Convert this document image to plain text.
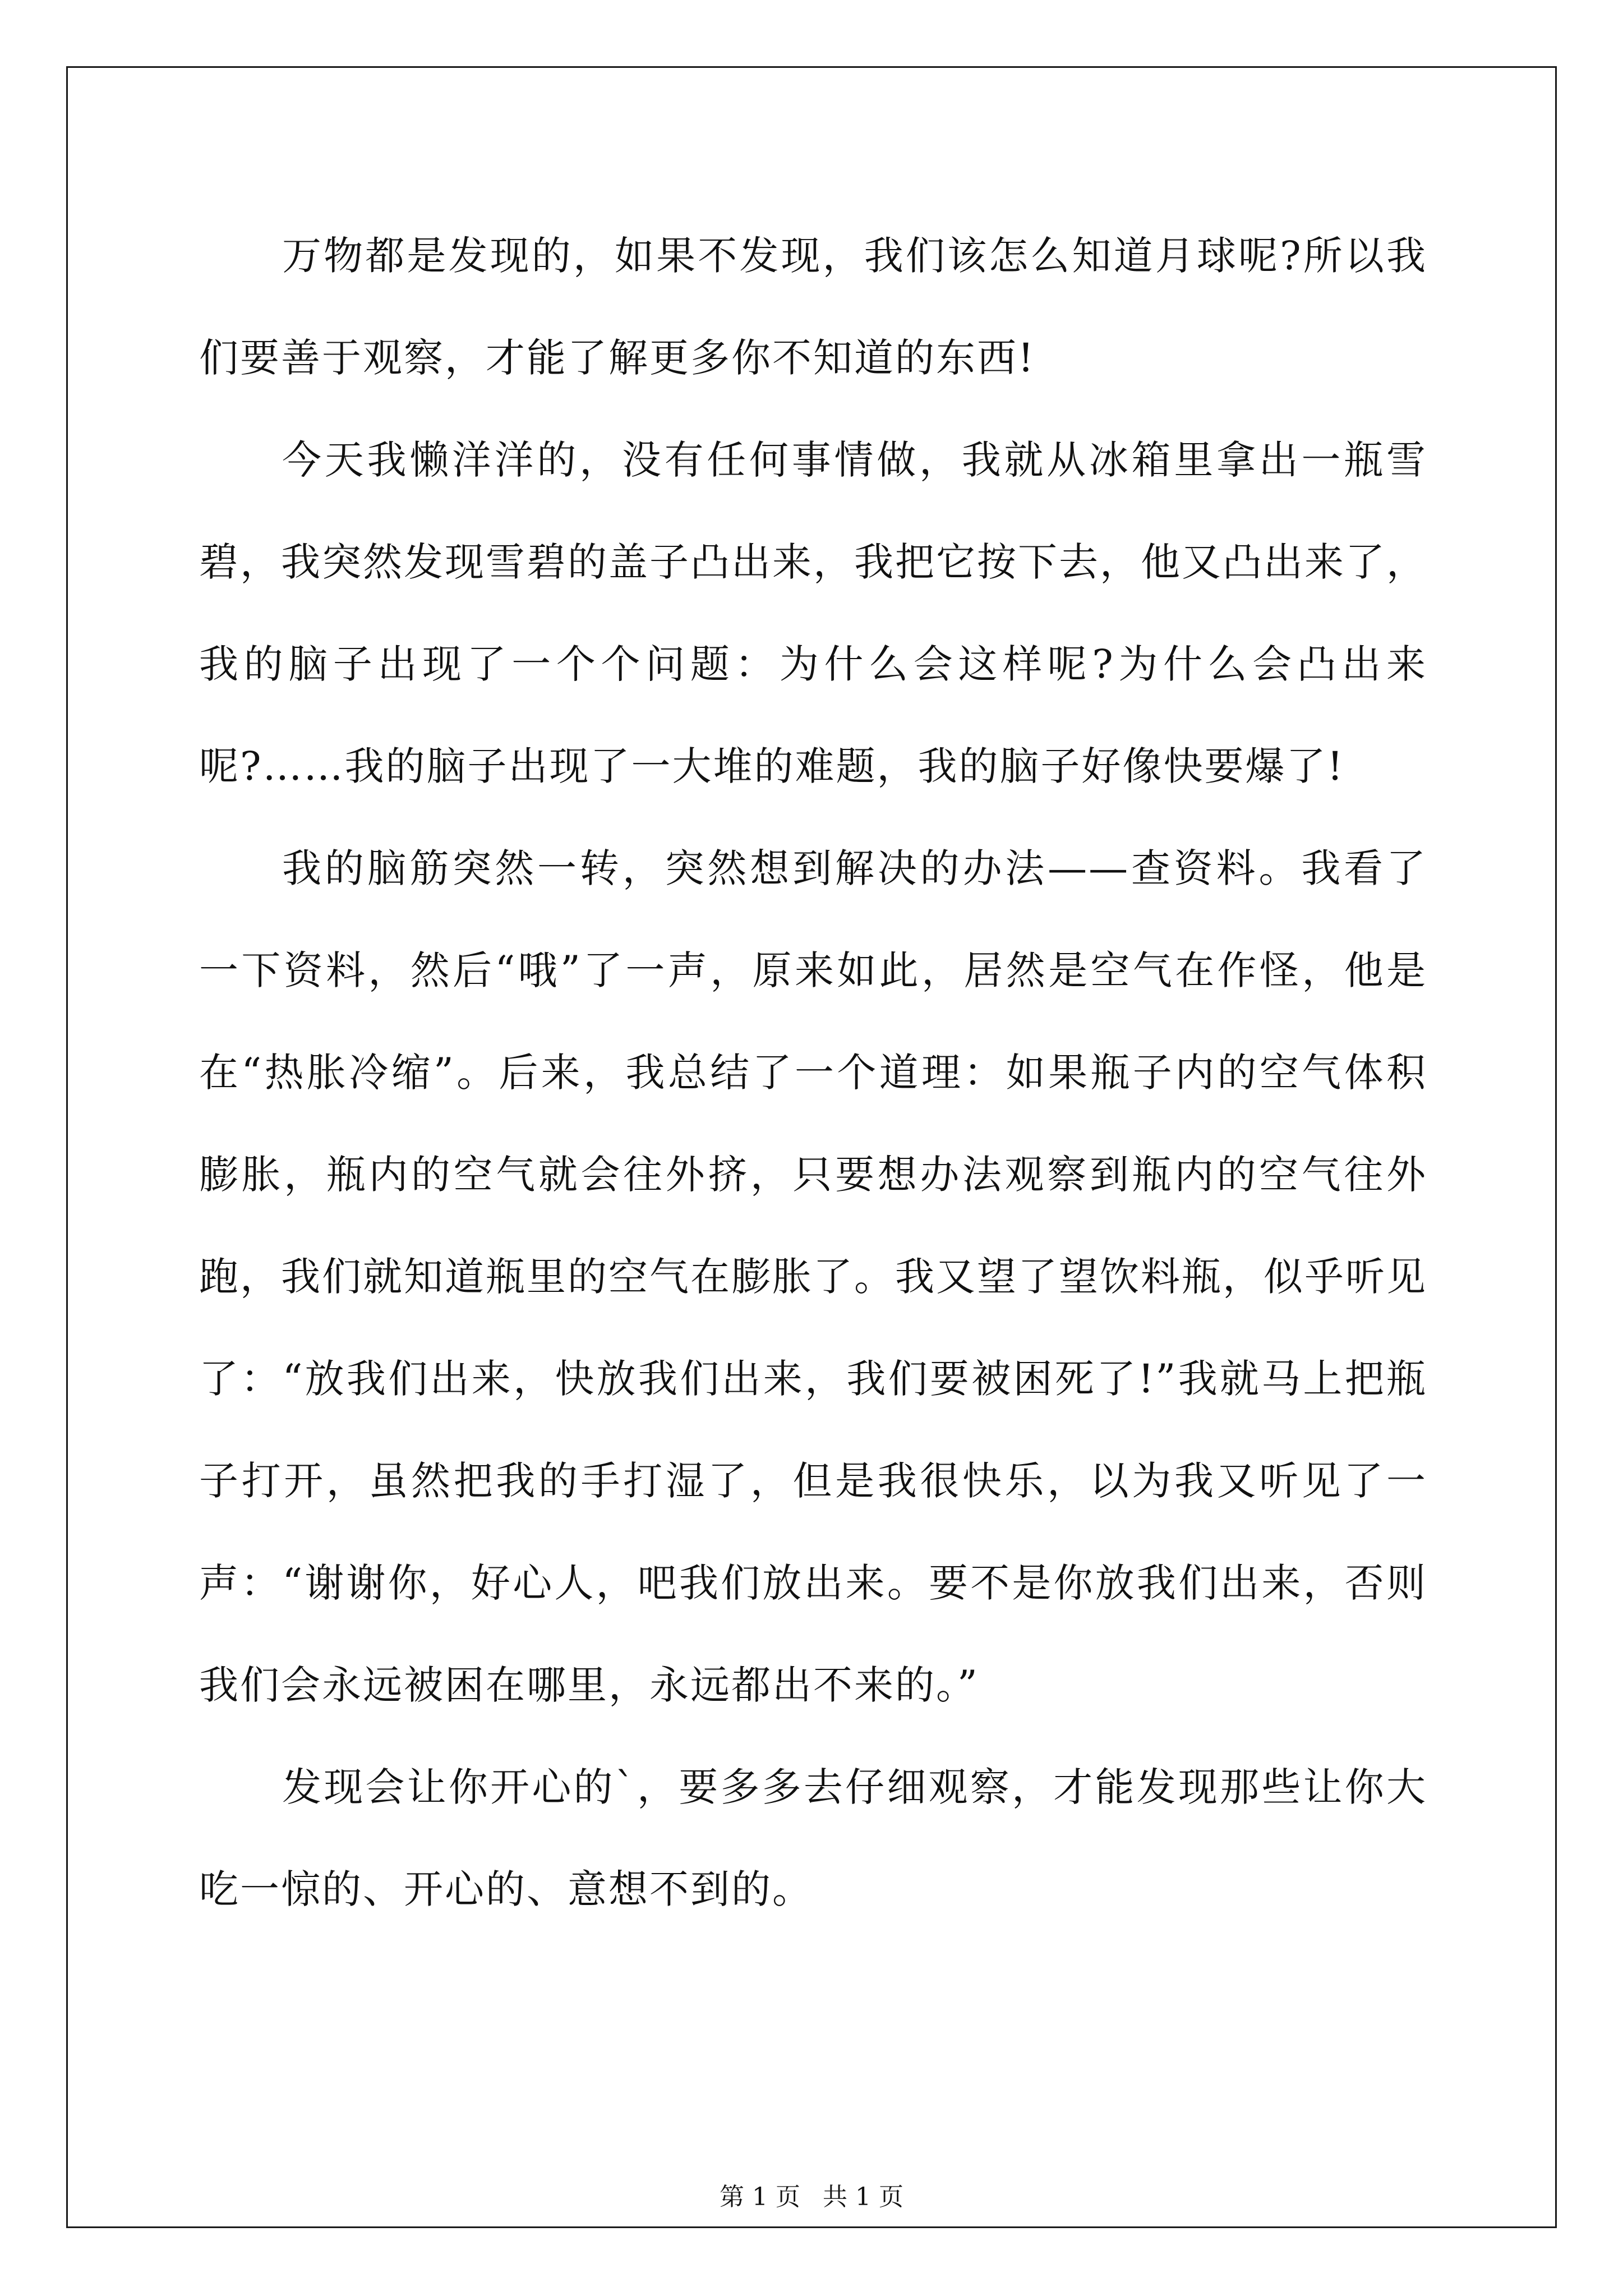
万物都是发现的，如果不发现，我们该怎么知道月球呢?所以我们要善于观察，才能了解更多你不知道的东西!

今天我懒洋洋的，没有任何事情做，我就从冰箱里拿出一瓶雪碧，我突然发现雪碧的盖子凸出来，我把它按下去，他又凸出来了，我的脑子出现了一个个问题：为什么会这样呢?为什么会凸出来呢?……我的脑子出现了一大堆的难题，我的脑子好像快要爆了!

我的脑筋突然一转，突然想到解决的办法——查资料。我看了一下资料，然后“哦”了一声，原来如此，居然是空气在作怪，他是在“热胀冷缩”。后来，我总结了一个道理：如果瓶子内的空气体积膨胀，瓶内的空气就会往外挤，只要想办法观察到瓶内的空气往外跑，我们就知道瓶里的空气在膨胀了。我又望了望饮料瓶，似乎听见了：“放我们出来，快放我们出来，我们要被困死了!”我就马上把瓶子打开，虽然把我的手打湿了，但是我很快乐，以为我又听见了一声：“谢谢你，好心人，吧我们放出来。要不是你放我们出来，否则我们会永远被困在哪里，永远都出不来的。”

发现会让你开心的`，要多多去仔细观察，才能发现那些让你大吃一惊的、开心的、意想不到的。

第 1 页 共 1 页
